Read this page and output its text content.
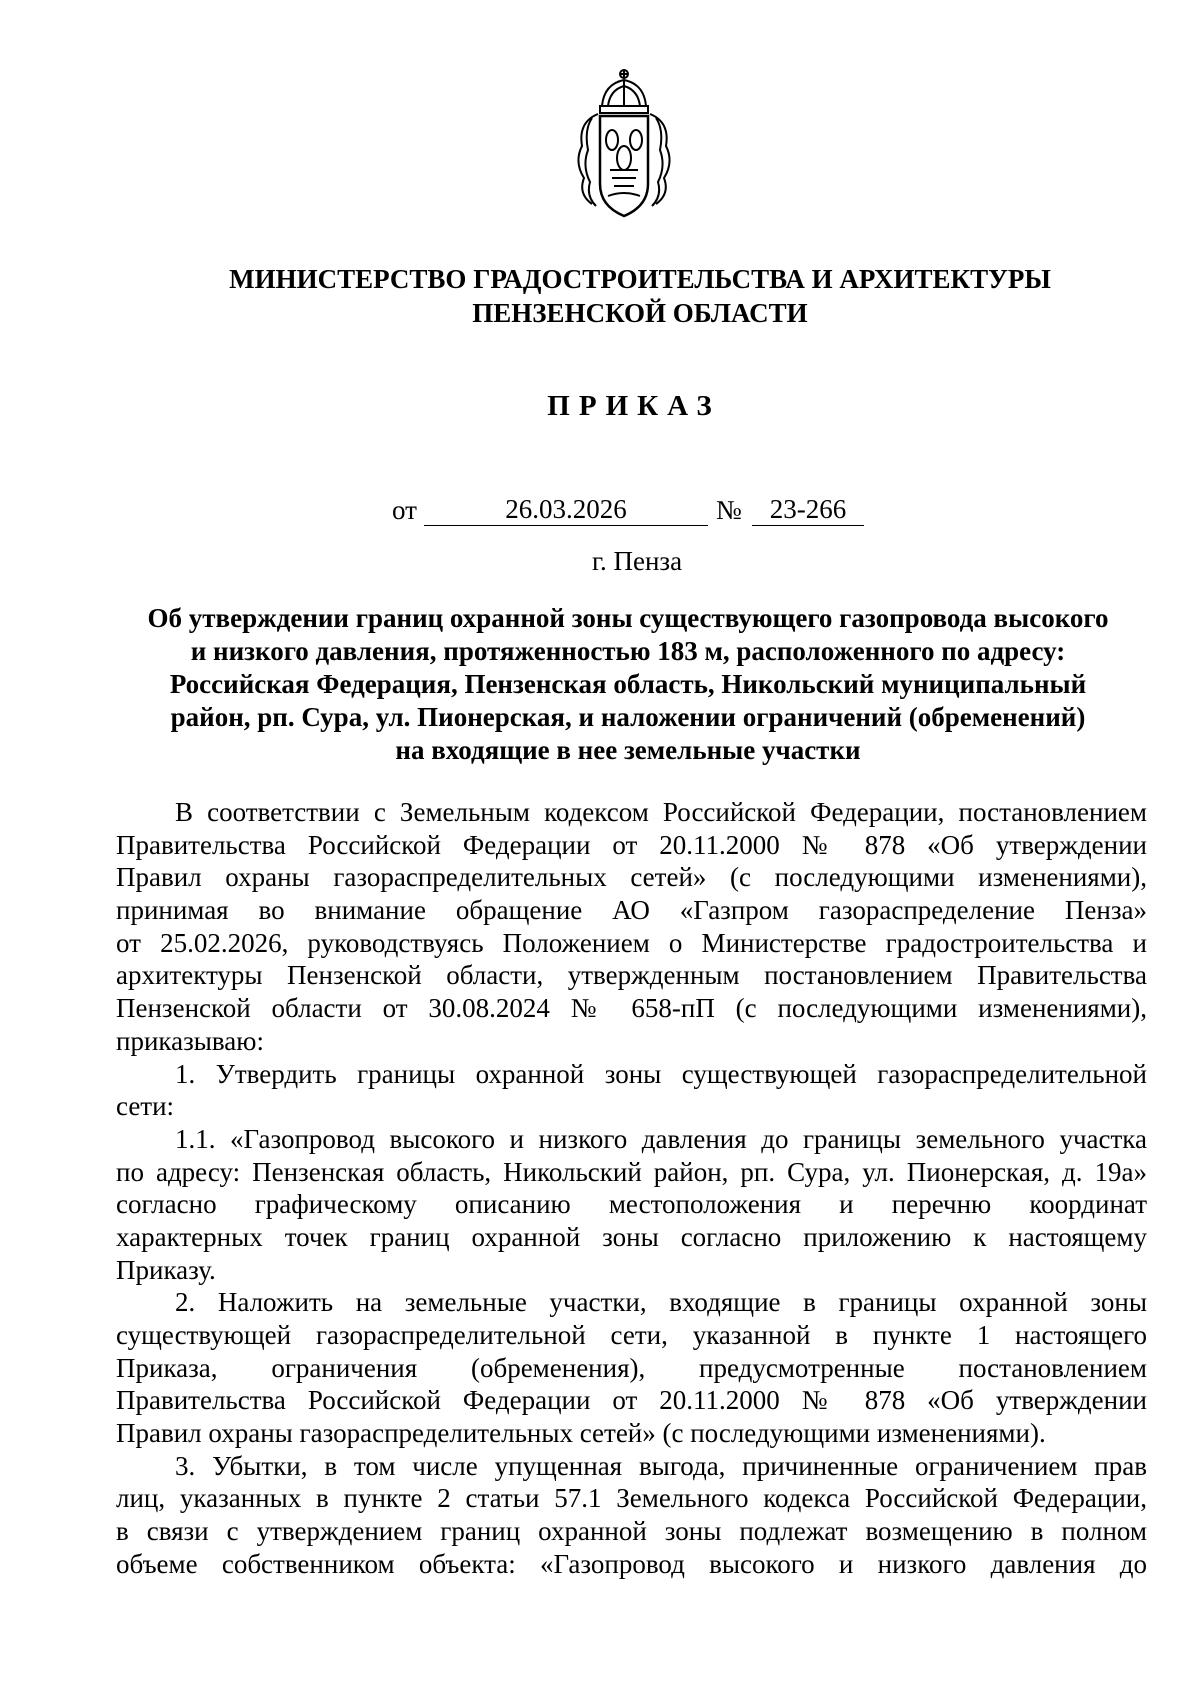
МИНИСТЕРСТВО ГРАДОСТРОИТЕЛЬСТВА И АРХИТЕКТУРЫ
ПЕНЗЕНСКОЙ ОБЛАСТИ
ПРИКАЗ
от	26.03.2026	№	23-266
г. Пенза
Об утверждении границ охранной зоны существующего газопровода высокого
и низкого давления, протяженностью 183 м, расположенного по адресу:
Российская Федерация, Пензенская область, Никольский муниципальный
район, рп. Сура, ул. Пионерская, и наложении ограничений (обременений)
на входящие в нее земельные участки
В соответствии с Земельным кодексом Российской Федерации, постановлением
Правительства Российской Федерации от 20.11.2000 № 878 «Об утверждении
Правил охраны газораспределительных сетей» (с последующими изменениями),
принимая во внимание обращение АО «Газпром газораспределение Пенза»
от 25.02.2026, руководствуясь Положением о Министерстве градостроительства и
архитектуры Пензенской области, утвержденным постановлением Правительства
Пензенской области от 30.08.2024 № 658-пП (с последующими изменениями),
приказываю:
1. Утвердить границы охранной зоны существующей газораспределительной
сети:
1.1. «Газопровод высокого и низкого давления до границы земельного участка
по адресу: Пензенская область, Никольский район, рп. Сура, ул. Пионерская, д. 19а»
согласно графическому описанию местоположения и перечню координат
характерных точек границ охранной зоны согласно приложению к настоящему
Приказу.
2. Наложить на земельные участки, входящие в границы охранной зоны
существующей газораспределительной сети, указанной в пункте 1 настоящего
Приказа, ограничения (обременения), предусмотренные постановлением
Правительства Российской Федерации от 20.11.2000 № 878 «Об утверждении
Правил охраны газораспределительных сетей» (с последующими изменениями).
3. Убытки, в том числе упущенная выгода, причиненные ограничением прав
лиц, указанных в пункте 2 статьи 57.1 Земельного кодекса Российской Федерации,
в связи с утверждением границ охранной зоны подлежат возмещению в полном
объеме собственником объекта: «Газопровод высокого и низкого давления до
